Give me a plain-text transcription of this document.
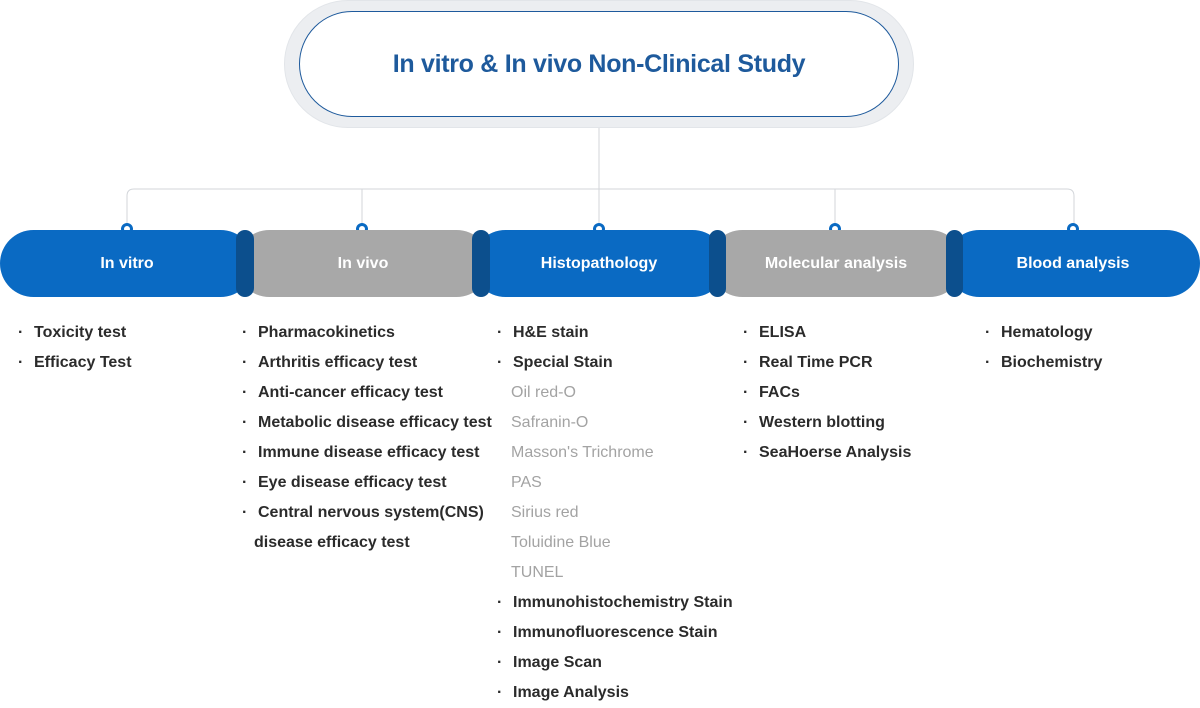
In vitro & In vivo Non-Clinical Study
In vitro	In vivo	Histopathology	Molecular analysis	Blood analysis
· Toxicity test
· Efficacy Test
· Pharmacokinetics
· Arthritis efficacy test
· Anti-cancer efficacy test
· Metabolic disease efficacy test
· Immune disease efficacy test
· Eye disease efficacy test
· Central nervous system(CNS)
disease efficacy test
· H&E stain
· Special Stain
Oil red-O
Safranin-O
Masson's Trichrome
PAS
Sirius red
Toluidine Blue
TUNEL
· Immunohistochemistry Stain
· Immunofluorescence Stain
· Image Scan
· Image Analysis
· ELISA
· Real Time PCR
· FACs
· Western blotting
· SeaHoerse Analysis
· Hematology
· Biochemistry
